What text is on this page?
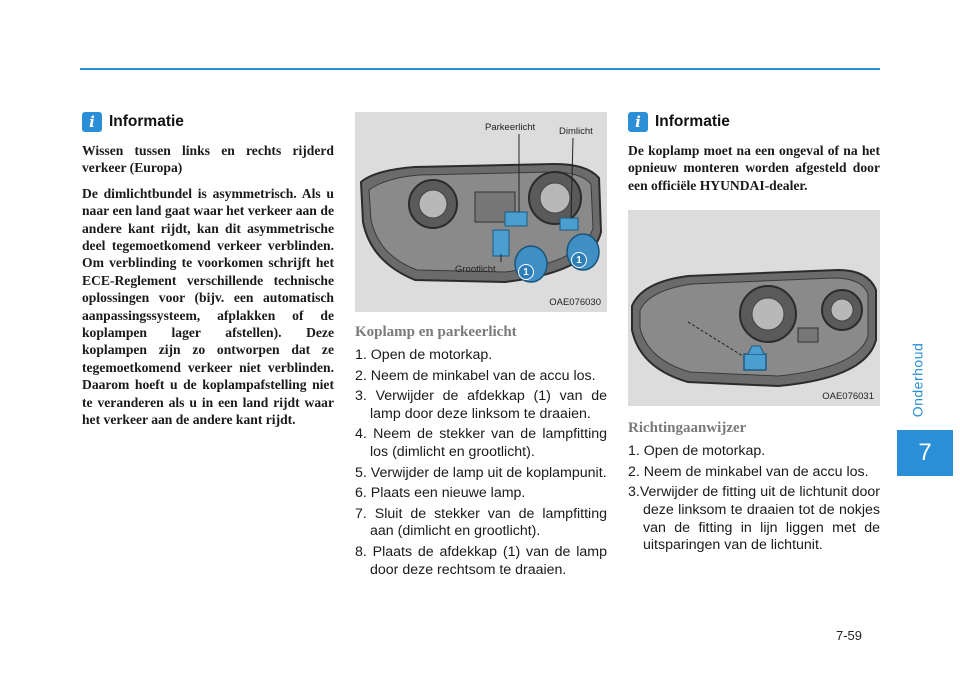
Onderhoud
7
i Informatie

Wissen tussen links en rechts rijderd verkeer (Europa)

De dimlichtbundel is asymmetrisch. Als u naar een land gaat waar het verkeer aan de andere kant rijdt, kan dit asymmetrische deel tegemoetkomend verkeer verblinden. Om verblinding te voorkomen schrijft het ECE-Reglement verschillende technische oplossingen voor (bijv. een automatisch aanpassingssysteem, afplakken of de koplampen lager afstellen). Deze koplampen zijn zo ontworpen dat ze tegemoetkomend verkeer niet verblinden. Daarom hoeft u de koplampafstelling niet te veranderen als u in een land rijdt waar het verkeer aan de andere kant rijdt.

Parkeerlicht	Dimlicht
Grootlicht	1
1
OAE076030
Koplamp en parkeerlicht
1. Open de motorkap.
2. Neem de minkabel van de accu los.
3. Verwijder de afdekkap (1) van de lamp door deze linksom te draaien.
4. Neem de stekker van de lampfitting los (dimlicht en grootlicht).
5. Verwijder de lamp uit de koplampunit.
6. Plaats een nieuwe lamp.
7. Sluit de stekker van de lampfitting aan (dimlicht en grootlicht).
8. Plaats de afdekkap (1) van de lamp door deze rechtsom te draaien.
i Informatie

De koplamp moet na een ongeval of na het opnieuw monteren worden afgesteld door een officiële HYUNDAI-dealer.

OAE076031
Richtingaanwijzer
1. Open de motorkap.
2. Neem de minkabel van de accu los.
3.Verwijder de fitting uit de lichtunit door deze linksom te draaien tot de nokjes van de fitting in lijn liggen met de uitsparingen van de lichtunit.
7-59
